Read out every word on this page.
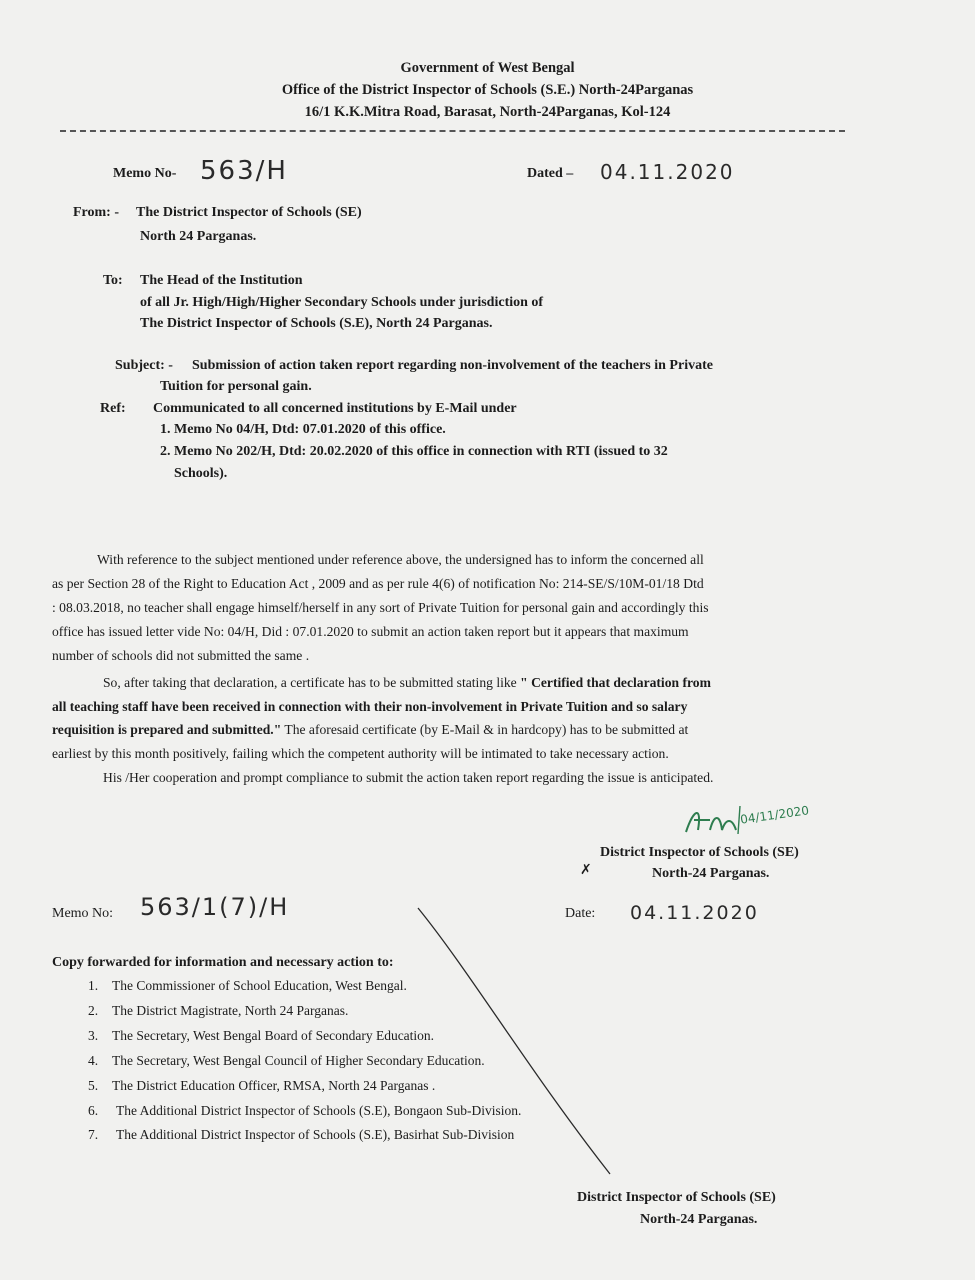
Government of West Bengal
Office of the District Inspector of Schools (S.E.) North-24Parganas
16/1 K.K.Mitra Road, Barasat, North-24Parganas, Kol-124
Memo No- 563/H	Dated – 04.11.2020
From: - The District Inspector of Schools (SE)
North 24 Parganas.
To: The Head of the Institution
of all Jr. High/High/Higher Secondary Schools under jurisdiction of
The District Inspector of Schools (S.E), North 24 Parganas.
Subject: - Submission of action taken report regarding non-involvement of the teachers in Private
Tuition for personal gain.
Ref: Communicated to all concerned institutions by E-Mail under
1. Memo No 04/H, Dtd: 07.01.2020 of this office.
2. Memo No 202/H, Dtd: 20.02.2020 of this office in connection with RTI (issued to 32
Schools).
With reference to the subject mentioned under reference above, the undersigned has to inform the concerned all
as per Section 28 of the Right to Education Act , 2009 and as per rule 4(6) of notification No: 214-SE/S/10M-01/18 Dtd
: 08.03.2018, no teacher shall engage himself/herself in any sort of Private Tuition for personal gain and accordingly this
office has issued letter vide No: 04/H, Did : 07.01.2020 to submit an action taken report but it appears that maximum
number of schools did not submitted the same .
So, after taking that declaration, a certificate has to be submitted stating like " Certified that declaration from
all teaching staff have been received in connection with their non-involvement in Private Tuition and so salary
requisition is prepared and submitted." The aforesaid certificate (by E-Mail & in hardcopy) has to be submitted at
earliest by this month positively, failing which the competent authority will be intimated to take necessary action.
His /Her cooperation and prompt compliance to submit the action taken report regarding the issue is anticipated.
04/11/2020
District Inspector of Schools (SE)
✗	North-24 Parganas.
Memo No: 563/1(7)/H	Date: 04.11.2020
Copy forwarded for information and necessary action to:
1. The Commissioner of School Education, West Bengal.
2. The District Magistrate, North 24 Parganas.
3. The Secretary, West Bengal Board of Secondary Education.
4. The Secretary, West Bengal Council of Higher Secondary Education.
5. The District Education Officer, RMSA, North 24 Parganas .
6. The Additional District Inspector of Schools (S.E), Bongaon Sub-Division.
7. The Additional District Inspector of Schools (S.E), Basirhat Sub-Division
District Inspector of Schools (SE)
North-24 Parganas.
